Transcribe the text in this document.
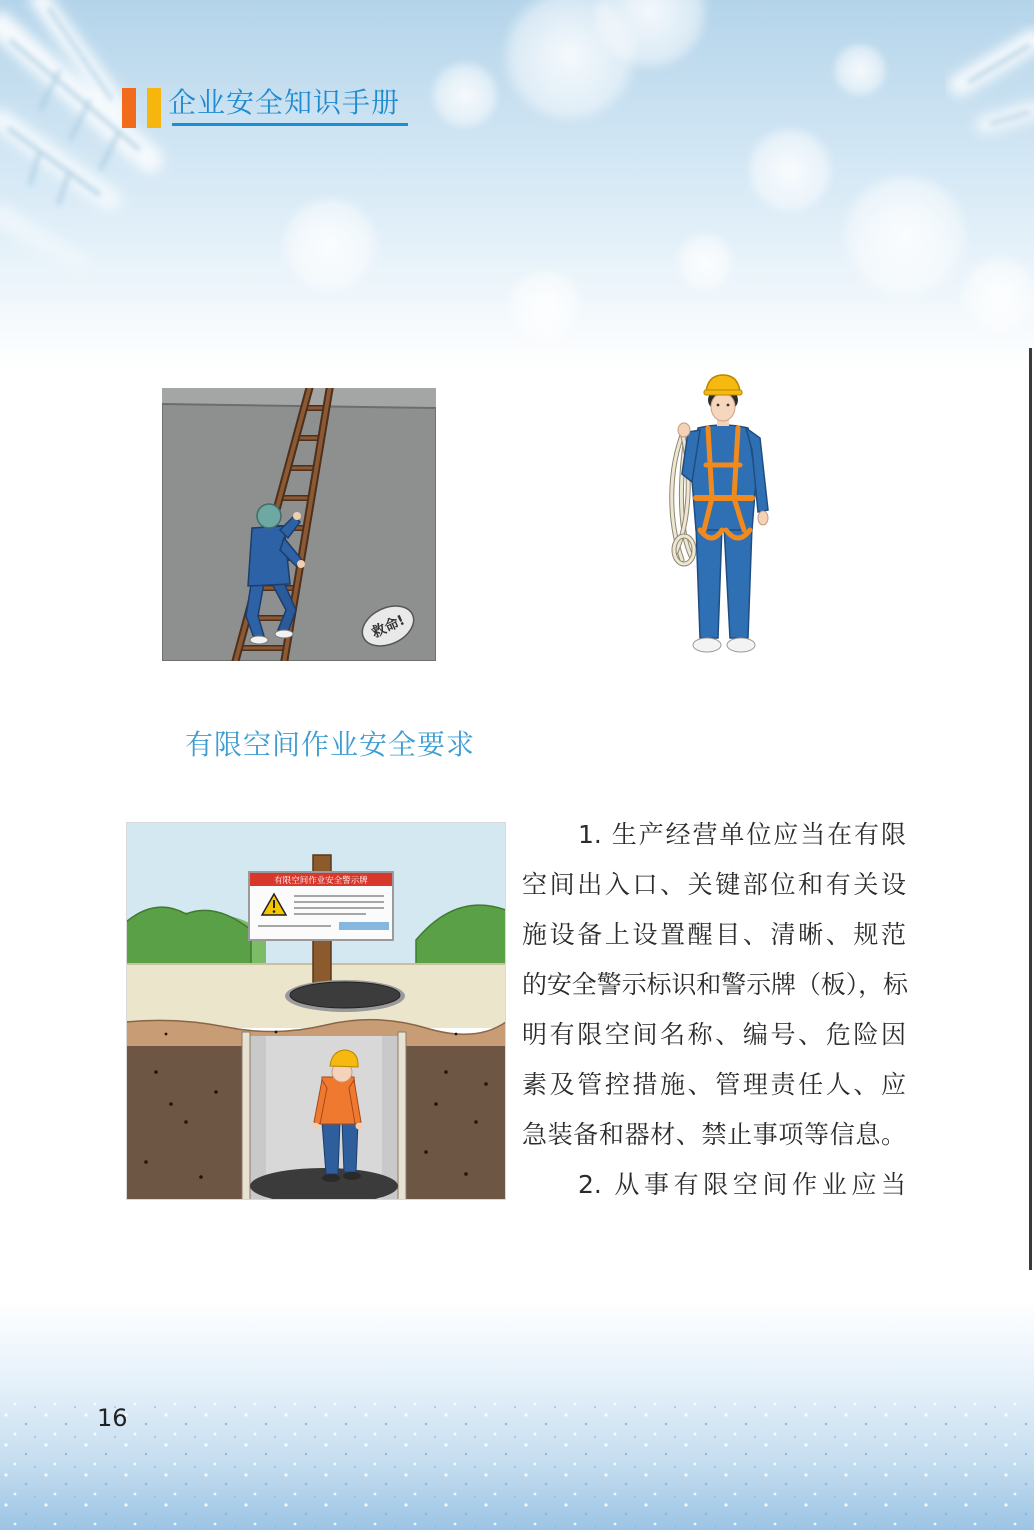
企业安全知识手册
救命!
有限空间作业安全要求
有限空间作业安全警示牌
1. 生产经营单位应当在有限
空间出入口、关键部位和有关设
施设备上设置醒目、清晰、规范
的安全警示标识和警示牌（板），标
明有限空间名称、编号、危险因
素及管控措施、管理责任人、应
急装备和器材、禁止事项等信息。
2. 从事有限空间作业应当
16
